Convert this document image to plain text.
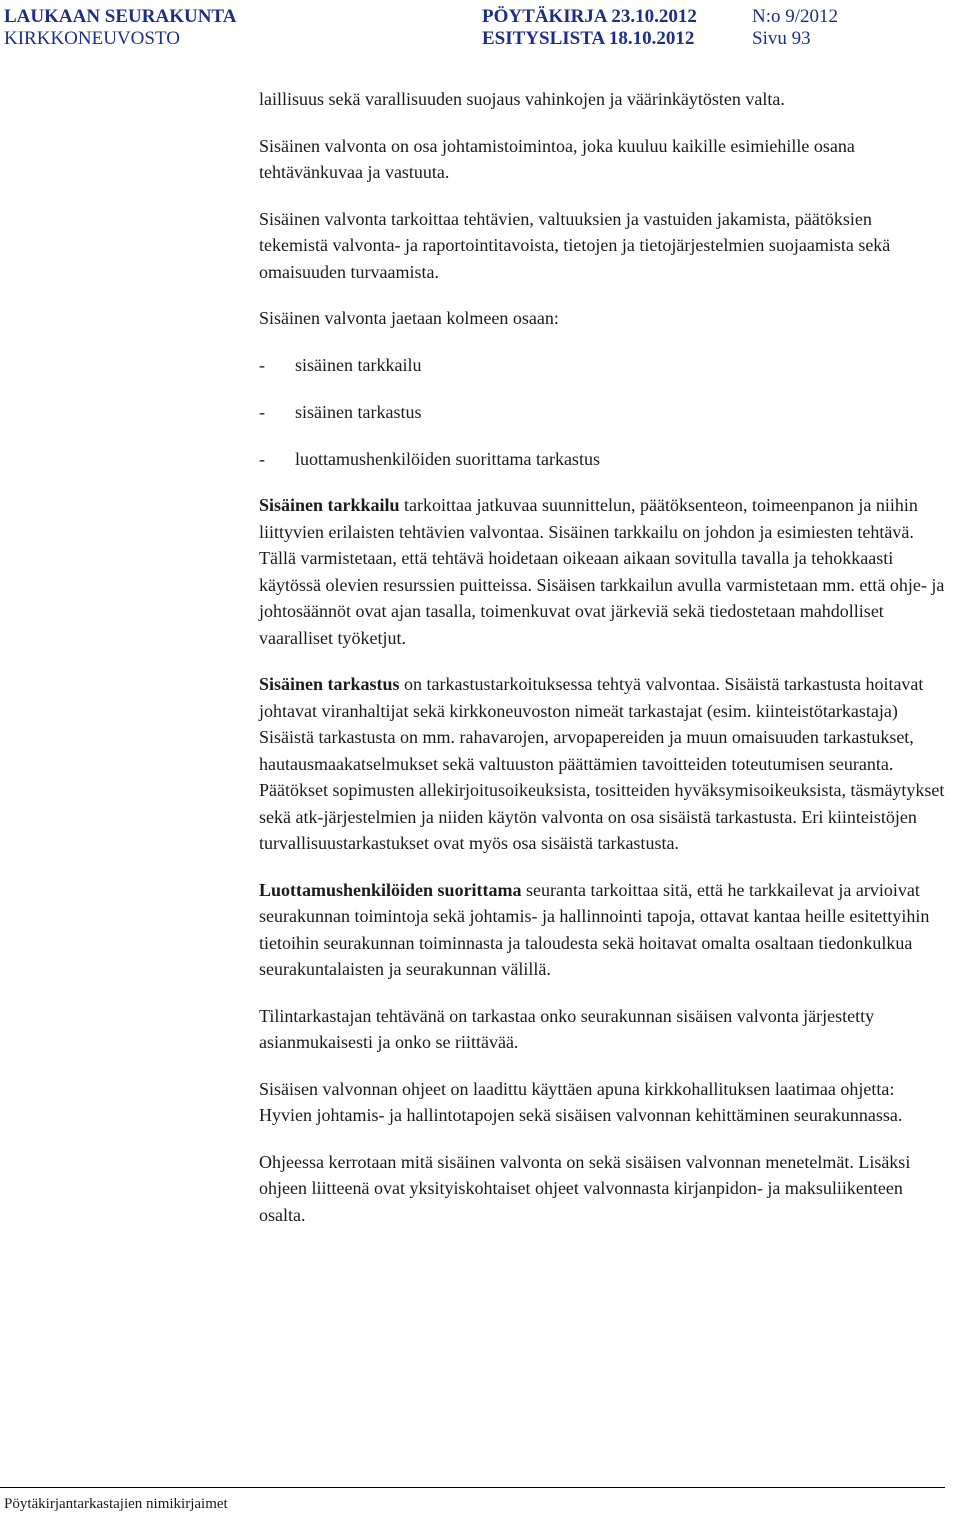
LAUKAAN SEURAKUNTA
KIRKKONEUVOSTO
PÖYTÄKIRJA 23.10.2012
ESITYSLISTA 18.10.2012
N:o 9/2012
Sivu 93

laillisuus sekä varallisuuden suojaus vahinkojen ja väärinkäytösten valta.

Sisäinen valvonta on osa johtamistoimintoa, joka kuuluu kaikille esimiehille osana tehtävänkuvaa ja vastuuta.

Sisäinen valvonta tarkoittaa tehtävien, valtuuksien ja vastuiden jakamista, päätöksien tekemistä valvonta- ja raportointitavoista, tietojen ja tietojärjestelmien suojaamista sekä omaisuuden turvaamista.

Sisäinen valvonta jaetaan kolmeen osaan:

-	sisäinen tarkkailu
-	sisäinen tarkastus
-	luottamushenkilöiden suorittama tarkastus

Sisäinen tarkkailu tarkoittaa jatkuvaa suunnittelun, päätöksenteon, toimeenpanon ja niihin liittyvien erilaisten tehtävien valvontaa. Sisäinen tarkkailu on johdon ja esimiesten tehtävä. Tällä varmistetaan, että tehtävä hoidetaan oikeaan aikaan sovitulla tavalla ja tehokkaasti käytössä olevien resurssien puitteissa. Sisäisen tarkkailun avulla varmistetaan mm. että ohje- ja johtosäännöt ovat ajan tasalla, toimenkuvat ovat järkeviä sekä tiedostetaan mahdolliset vaaralliset työketjut.

Sisäinen tarkastus on tarkastustarkoituksessa tehtyä valvontaa. Sisäistä tarkastusta hoitavat johtavat viranhaltijat sekä kirkkoneuvoston nimeät tarkastajat (esim. kiinteistötarkastaja) Sisäistä tarkastusta on mm. rahavarojen, arvopapereiden ja muun omaisuuden tarkastukset, hautausmaakatselmukset sekä valtuuston päättämien tavoitteiden toteutumisen seuranta. Päätökset sopimusten allekirjoitusoikeuksista, tositteiden hyväksymisoikeuksista, täsmäytykset sekä atk-järjestelmien ja niiden käytön valvonta on osa sisäistä tarkastusta. Eri kiinteistöjen turvallisuustarkastukset ovat myös osa sisäistä tarkastusta.

Luottamushenkilöiden suorittama seuranta tarkoittaa sitä, että he tarkkailevat ja arvioivat seurakunnan toimintoja sekä johtamis- ja hallinnointi tapoja, ottavat kantaa heille esitettyihin tietoihin seurakunnan toiminnasta ja taloudesta sekä hoitavat omalta osaltaan tiedonkulkua seurakuntalaisten ja seurakunnan välillä.

Tilintarkastajan tehtävänä on tarkastaa onko seurakunnan sisäisen valvonta järjestetty asianmukaisesti ja onko se riittävää.

Sisäisen valvonnan ohjeet on laadittu käyttäen apuna kirkkohallituksen laatimaa ohjetta:

Hyvien johtamis- ja hallintotapojen sekä sisäisen valvonnan kehittäminen seurakunnassa.

Ohjeessa kerrotaan mitä sisäinen valvonta on sekä sisäisen valvonnan menetelmät. Lisäksi ohjeen liitteenä ovat yksityiskohtaiset ohjeet valvonnasta kirjanpidon- ja maksuliikenteen osalta.

Pöytäkirjantarkastajien nimikirjaimet
